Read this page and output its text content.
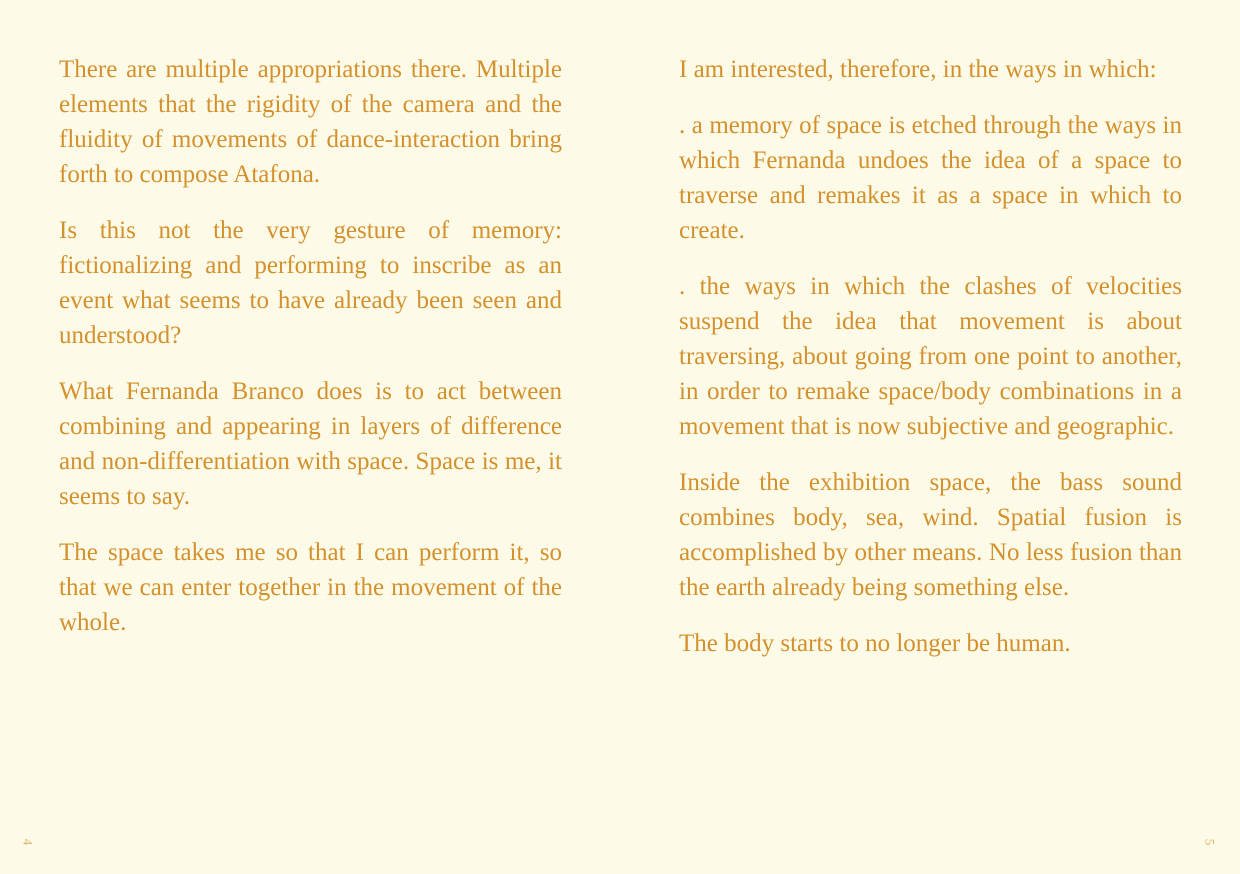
There are multiple appropriations there. Multiple elements that the rigidity of the camera and the fluidity of movements of dance-interaction bring forth to compose Atafona.

Is this not the very gesture of memory: fictionalizing and performing to inscribe as an event what seems to have already been seen and understood?

What Fernanda Branco does is to act between combining and appearing in layers of difference and non-differentiation with space. Space is me, it seems to say.

The space takes me so that I can perform it, so that we can enter together in the movement of the whole.

I am interested, therefore, in the ways in which:

. a memory of space is etched through the ways in which Fernanda undoes the idea of a space to traverse and remakes it as a space in which to create.

. the ways in which the clashes of velocities suspend the idea that movement is about traversing, about going from one point to another, in order to remake space/body combinations in a movement that is now subjective and geographic.

Inside the exhibition space, the bass sound combines body, sea, wind. Spatial fusion is accomplished by other means. No less fusion than the earth already being something else.

The body starts to no longer be human.

4	5
